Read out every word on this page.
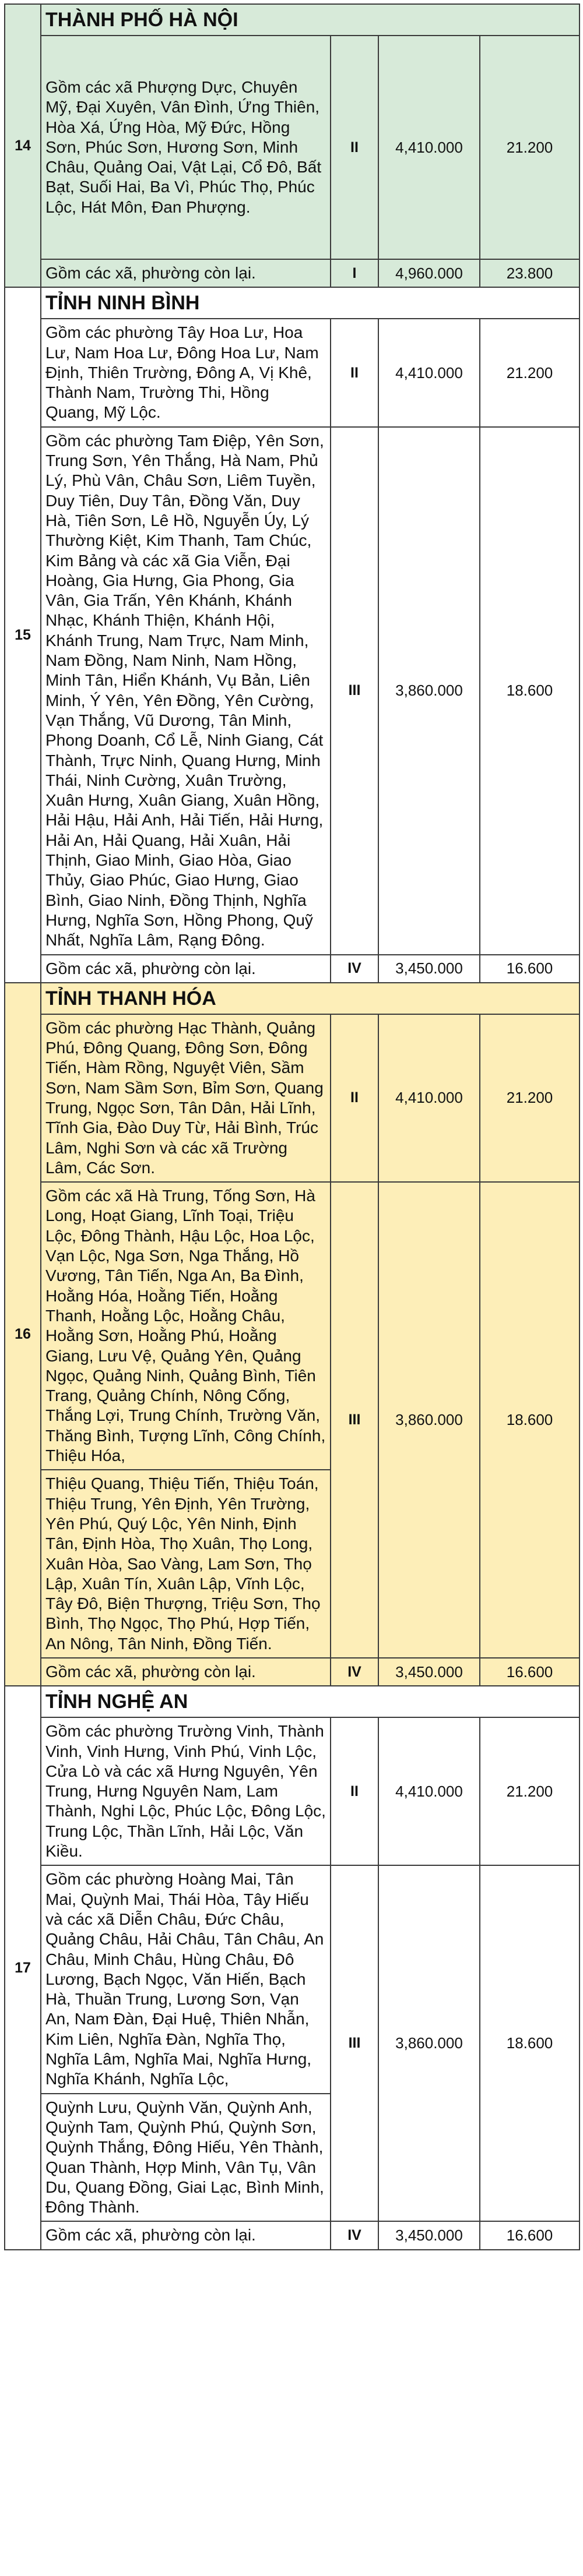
14	THÀNH PHỐ HÀ NỘI			
	Gồm các xã Phượng Dực, Chuyên Mỹ, Đại Xuyên, Vân Đình, Ứng Thiên, Hòa Xá, Ứng Hòa, Mỹ Đức, Hồng Sơn, Phúc Sơn, Hương Sơn, Minh Châu, Quảng Oai, Vật Lại, Cổ Đô, Bất Bạt, Suối Hai, Ba Vì, Phúc Thọ, Phúc Lộc, Hát Môn, Đan Phượng.	II	4,410.000	21.200
	Gồm các xã, phường còn lại.	I	4,960.000	23.800
15	TỈNH NINH BÌNH			
	Gồm các phường Tây Hoa Lư, Hoa Lư, Nam Hoa Lư, Đông Hoa Lư, Nam Định, Thiên Trường, Đông A, Vị Khê, Thành Nam, Trường Thi, Hồng Quang, Mỹ Lộc.	II	4,410.000	21.200
	Gồm các phường Tam Điệp, Yên Sơn, Trung Sơn, Yên Thắng, Hà Nam, Phủ Lý, Phù Vân, Châu Sơn, Liêm Tuyền, Duy Tiên, Duy Tân, Đồng Văn, Duy Hà, Tiên Sơn, Lê Hồ, Nguyễn Úy, Lý Thường Kiệt, Kim Thanh, Tam Chúc, Kim Bảng và các xã Gia Viễn, Đại Hoàng, Gia Hưng, Gia Phong, Gia Vân, Gia Trấn, Yên Khánh, Khánh Nhạc, Khánh Thiện, Khánh Hội, Khánh Trung, Nam Trực, Nam Minh, Nam Đồng, Nam Ninh, Nam Hồng, Minh Tân, Hiển Khánh, Vụ Bản, Liên Minh, Ý Yên, Yên Đồng, Yên Cường, Vạn Thắng, Vũ Dương, Tân Minh, Phong Doanh, Cổ Lễ, Ninh Giang, Cát Thành, Trực Ninh, Quang Hưng, Minh Thái, Ninh Cường, Xuân Trường, Xuân Hưng, Xuân Giang, Xuân Hồng, Hải Hậu, Hải Anh, Hải Tiến, Hải Hưng, Hải An, Hải Quang, Hải Xuân, Hải Thịnh, Giao Minh, Giao Hòa, Giao Thủy, Giao Phúc, Giao Hưng, Giao Bình, Giao Ninh, Đồng Thịnh, Nghĩa Hưng, Nghĩa Sơn, Hồng Phong, Quỹ Nhất, Nghĩa Lâm, Rạng Đông.	III	3,860.000	18.600
	Gồm các xã, phường còn lại.	IV	3,450.000	16.600
16	TỈNH THANH HÓA			
	Gồm các phường Hạc Thành, Quảng Phú, Đông Quang, Đông Sơn, Đông Tiến, Hàm Rồng, Nguyệt Viên, Sầm Sơn, Nam Sầm Sơn, Bỉm Sơn, Quang Trung, Ngọc Sơn, Tân Dân, Hải Lĩnh, Tĩnh Gia, Đào Duy Từ, Hải Bình, Trúc Lâm, Nghi Sơn và các xã Trường Lâm, Các Sơn.	II	4,410.000	21.200
	Gồm các xã Hà Trung, Tống Sơn, Hà Long, Hoạt Giang, Lĩnh Toại, Triệu Lộc, Đông Thành, Hậu Lộc, Hoa Lộc, Vạn Lộc, Nga Sơn, Nga Thắng, Hồ Vương, Tân Tiến, Nga An, Ba Đình, Hoằng Hóa, Hoằng Tiến, Hoằng Thanh, Hoằng Lộc, Hoằng Châu, Hoằng Sơn, Hoằng Phú, Hoằng Giang, Lưu Vệ, Quảng Yên, Quảng Ngọc, Quảng Ninh, Quảng Bình, Tiên Trang, Quảng Chính, Nông Cống, Thắng Lợi, Trung Chính, Trường Văn, Thăng Bình, Tượng Lĩnh, Công Chính, Thiệu Hóa,	III	3,860.000	18.600
	Thiệu Quang, Thiệu Tiến, Thiệu Toán, Thiệu Trung, Yên Định, Yên Trường, Yên Phú, Quý Lộc, Yên Ninh, Định Tân, Định Hòa, Thọ Xuân, Thọ Long, Xuân Hòa, Sao Vàng, Lam Sơn, Thọ Lập, Xuân Tín, Xuân Lập, Vĩnh Lộc, Tây Đô, Biện Thượng, Triệu Sơn, Thọ Bình, Thọ Ngọc, Thọ Phú, Hợp Tiến, An Nông, Tân Ninh, Đồng Tiến.			
	Gồm các xã, phường còn lại.	IV	3,450.000	16.600
17	TỈNH NGHỆ AN			
	Gồm các phường Trường Vinh, Thành Vinh, Vinh Hưng, Vinh Phú, Vinh Lộc, Cửa Lò và các xã Hưng Nguyên, Yên Trung, Hưng Nguyên Nam, Lam Thành, Nghi Lộc, Phúc Lộc, Đông Lộc, Trung Lộc, Thần Lĩnh, Hải Lộc, Văn Kiều.	II	4,410.000	21.200
	Gồm các phường Hoàng Mai, Tân Mai, Quỳnh Mai, Thái Hòa, Tây Hiếu và các xã Diễn Châu, Đức Châu, Quảng Châu, Hải Châu, Tân Châu, An Châu, Minh Châu, Hùng Châu, Đô Lương, Bạch Ngọc, Văn Hiến, Bạch Hà, Thuần Trung, Lương Sơn, Vạn An, Nam Đàn, Đại Huệ, Thiên Nhẫn, Kim Liên, Nghĩa Đàn, Nghĩa Thọ, Nghĩa Lâm, Nghĩa Mai, Nghĩa Hưng, Nghĩa Khánh, Nghĩa Lộc,	III	3,860.000	18.600
	Quỳnh Lưu, Quỳnh Văn, Quỳnh Anh, Quỳnh Tam, Quỳnh Phú, Quỳnh Sơn, Quỳnh Thắng, Đông Hiếu, Yên Thành, Quan Thành, Hợp Minh, Vân Tụ, Vân Du, Quang Đồng, Giai Lạc, Bình Minh, Đông Thành.			
	Gồm các xã, phường còn lại.	IV	3,450.000	16.600
